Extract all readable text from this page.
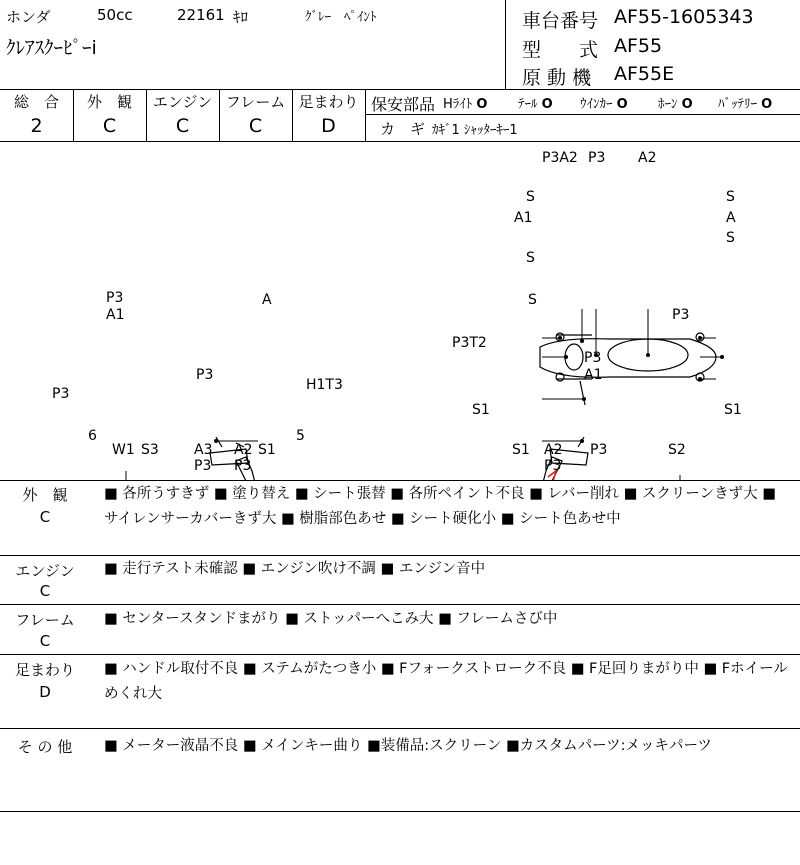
ホンダ	50cc	22161 ｷﾛ	ｸﾞﾚｰ　ﾍﾟｲﾝﾄ
ｸﾚｱｽｸｰﾋﾟｰi
車台番号 AF55-1605343
型　　式 AF55
原 動 機 AF55E
総　合	外　観	エンジン フレーム 足まわり
2	C	C	C	D
保安部品 Hﾗｲﾄ O ﾃｰﾙ O ｳｲﾝｶｰ O ﾎｰﾝ O ﾊﾞｯﾃﾘｰ O
カ　ギ ｶｷﾞ1 ｼｬｯﾀｰｷｰ1
P3A2 P3 A2
S	S
A1	A
S
S
P3
A1
A
P3
P3
H1T3
6
W1 S3	A3
P3
A2
P3
S1
5
S
P3T2
P3
P3
A1
S1	S1
S1 A2
P3
P3	S2
外　観
C
■ 各所うすきず ■ 塗り替え ■ シート張替 ■ 各所ペイント不良 ■ レバー削れ ■ スクリーンきず大 ■
サイレンサーカバーきず大 ■ 樹脂部色あせ ■ シート硬化小 ■ シート色あせ中
エンジン
C
■ 走行テスト未確認 ■ エンジン吹け不調 ■ エンジン音中
フレーム
C
■ センタースタンドまがり ■ ストッパーへこみ大 ■ フレームさび中
足まわり
D
■ ハンドル取付不良 ■ ステムがたつき小 ■ Fフォークストローク不良 ■ F足回りまがり中 ■ Fホイール
めくれ大
そ の 他	■ メーター液晶不良 ■ メインキー曲り ■装備品:スクリーン ■カスタムパーツ:メッキパーツ
